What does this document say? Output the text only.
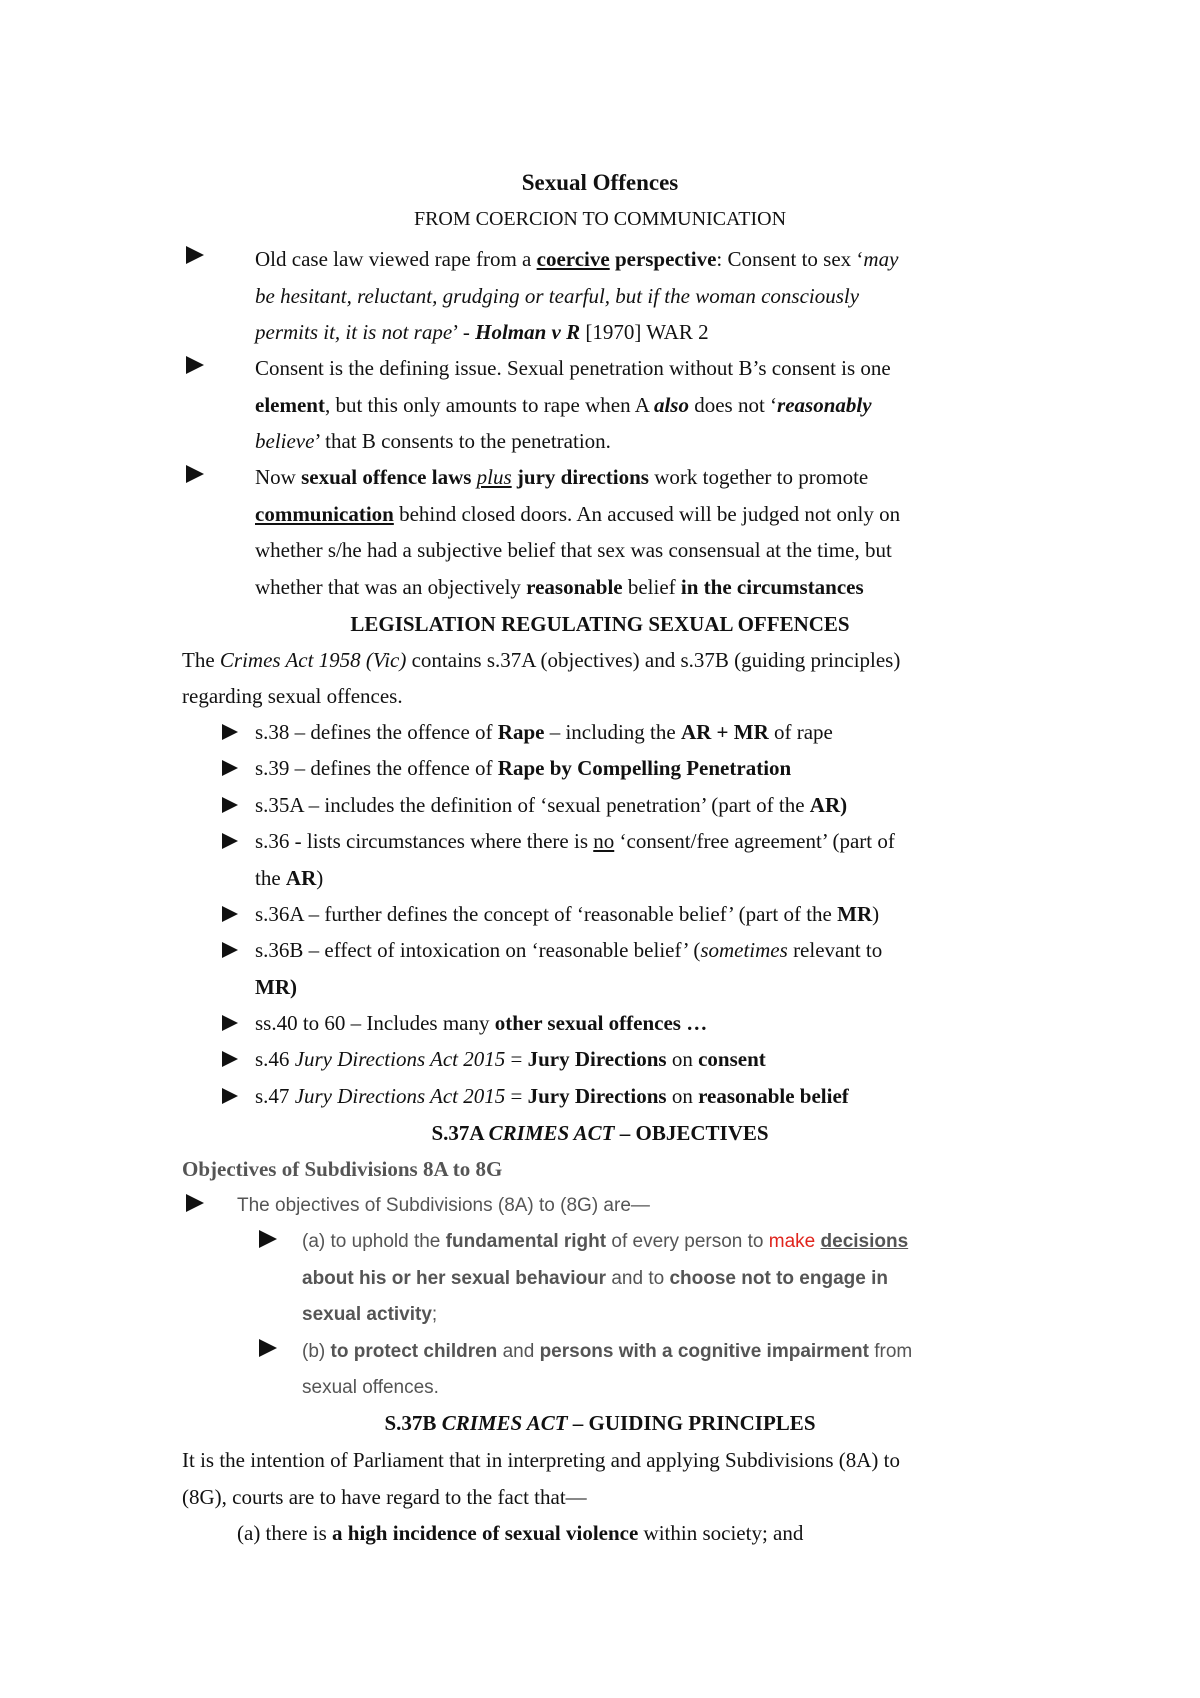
Sexual Offences
FROM COERCION TO COMMUNICATION
Old case law viewed rape from a coercive perspective: Consent to sex ‘may
be hesitant, reluctant, grudging or tearful, but if the woman consciously
permits it, it is not rape’ - Holman v R [1970] WAR 2
Consent is the defining issue. Sexual penetration without B’s consent is one
element, but this only amounts to rape when A also does not ‘reasonably
believe’ that B consents to the penetration.
Now sexual offence laws plus jury directions work together to promote
communication behind closed doors. An accused will be judged not only on
whether s/he had a subjective belief that sex was consensual at the time, but
whether that was an objectively reasonable belief in the circumstances
LEGISLATION REGULATING SEXUAL OFFENCES
The Crimes Act 1958 (Vic) contains s.37A (objectives) and s.37B (guiding principles)
regarding sexual offences.
s.38 – defines the offence of Rape – including the AR + MR of rape
s.39 – defines the offence of Rape by Compelling Penetration
s.35A – includes the definition of ‘sexual penetration’ (part of the AR)
s.36 - lists circumstances where there is no ‘consent/free agreement’ (part of
the AR)
s.36A – further defines the concept of ‘reasonable belief’ (part of the MR)
s.36B – effect of intoxication on ‘reasonable belief’ (sometimes relevant to
MR)
ss.40 to 60 – Includes many other sexual offences …
s.46 Jury Directions Act 2015 = Jury Directions on consent
s.47 Jury Directions Act 2015 = Jury Directions on reasonable belief
S.37A CRIMES ACT – OBJECTIVES
Objectives of Subdivisions 8A to 8G
The objectives of Subdivisions (8A) to (8G) are—
(a) to uphold the fundamental right of every person to make decisions
about his or her sexual behaviour and to choose not to engage in
sexual activity;
(b) to protect children and persons with a cognitive impairment from
sexual offences.
S.37B CRIMES ACT – GUIDING PRINCIPLES
It is the intention of Parliament that in interpreting and applying Subdivisions (8A) to
(8G), courts are to have regard to the fact that—
(a) there is a high incidence of sexual violence within society; and
